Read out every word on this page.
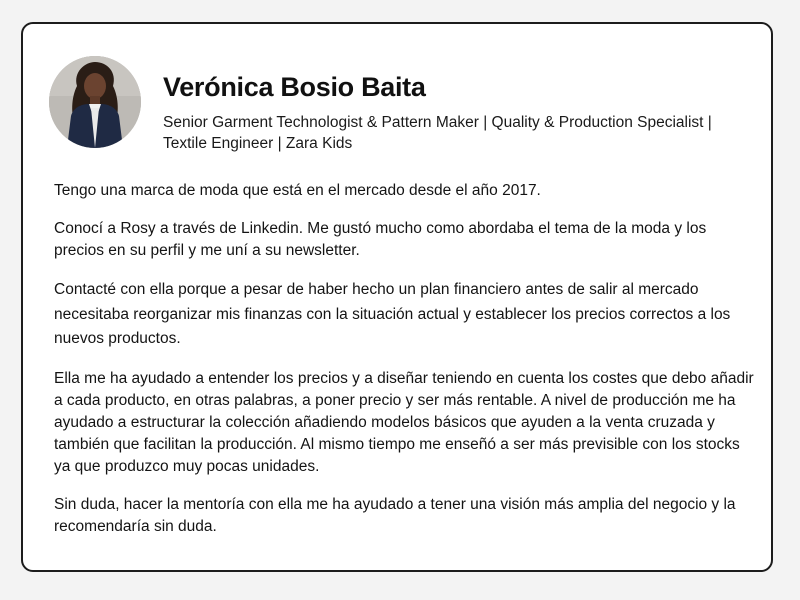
Verónica Bosio Baita

Senior Garment Technologist & Pattern Maker | Quality & Production Specialist | Textile Engineer | Zara Kids

Tengo una marca de moda que está en el mercado desde el año 2017.

Conocí a Rosy a través de Linkedin. Me gustó mucho como abordaba el tema de la moda y los precios en su perfil y me uní a su newsletter.

Contacté con ella porque a pesar de haber hecho un plan financiero antes de salir al mercado necesitaba reorganizar mis finanzas con la situación actual y establecer los precios correctos a los nuevos productos.

Ella me ha ayudado a entender los precios y a diseñar teniendo en cuenta los costes que debo añadir a cada producto, en otras palabras, a poner precio y ser más rentable. A nivel de producción me ha ayudado a estructurar la colección añadiendo modelos básicos que ayuden a la venta cruzada y también que facilitan la producción. Al mismo tiempo me enseñó a ser más previsible con los stocks ya que produzco muy pocas unidades.

Sin duda, hacer la mentoría con ella me ha ayudado a tener una visión más amplia del negocio y la recomendaría sin duda.
